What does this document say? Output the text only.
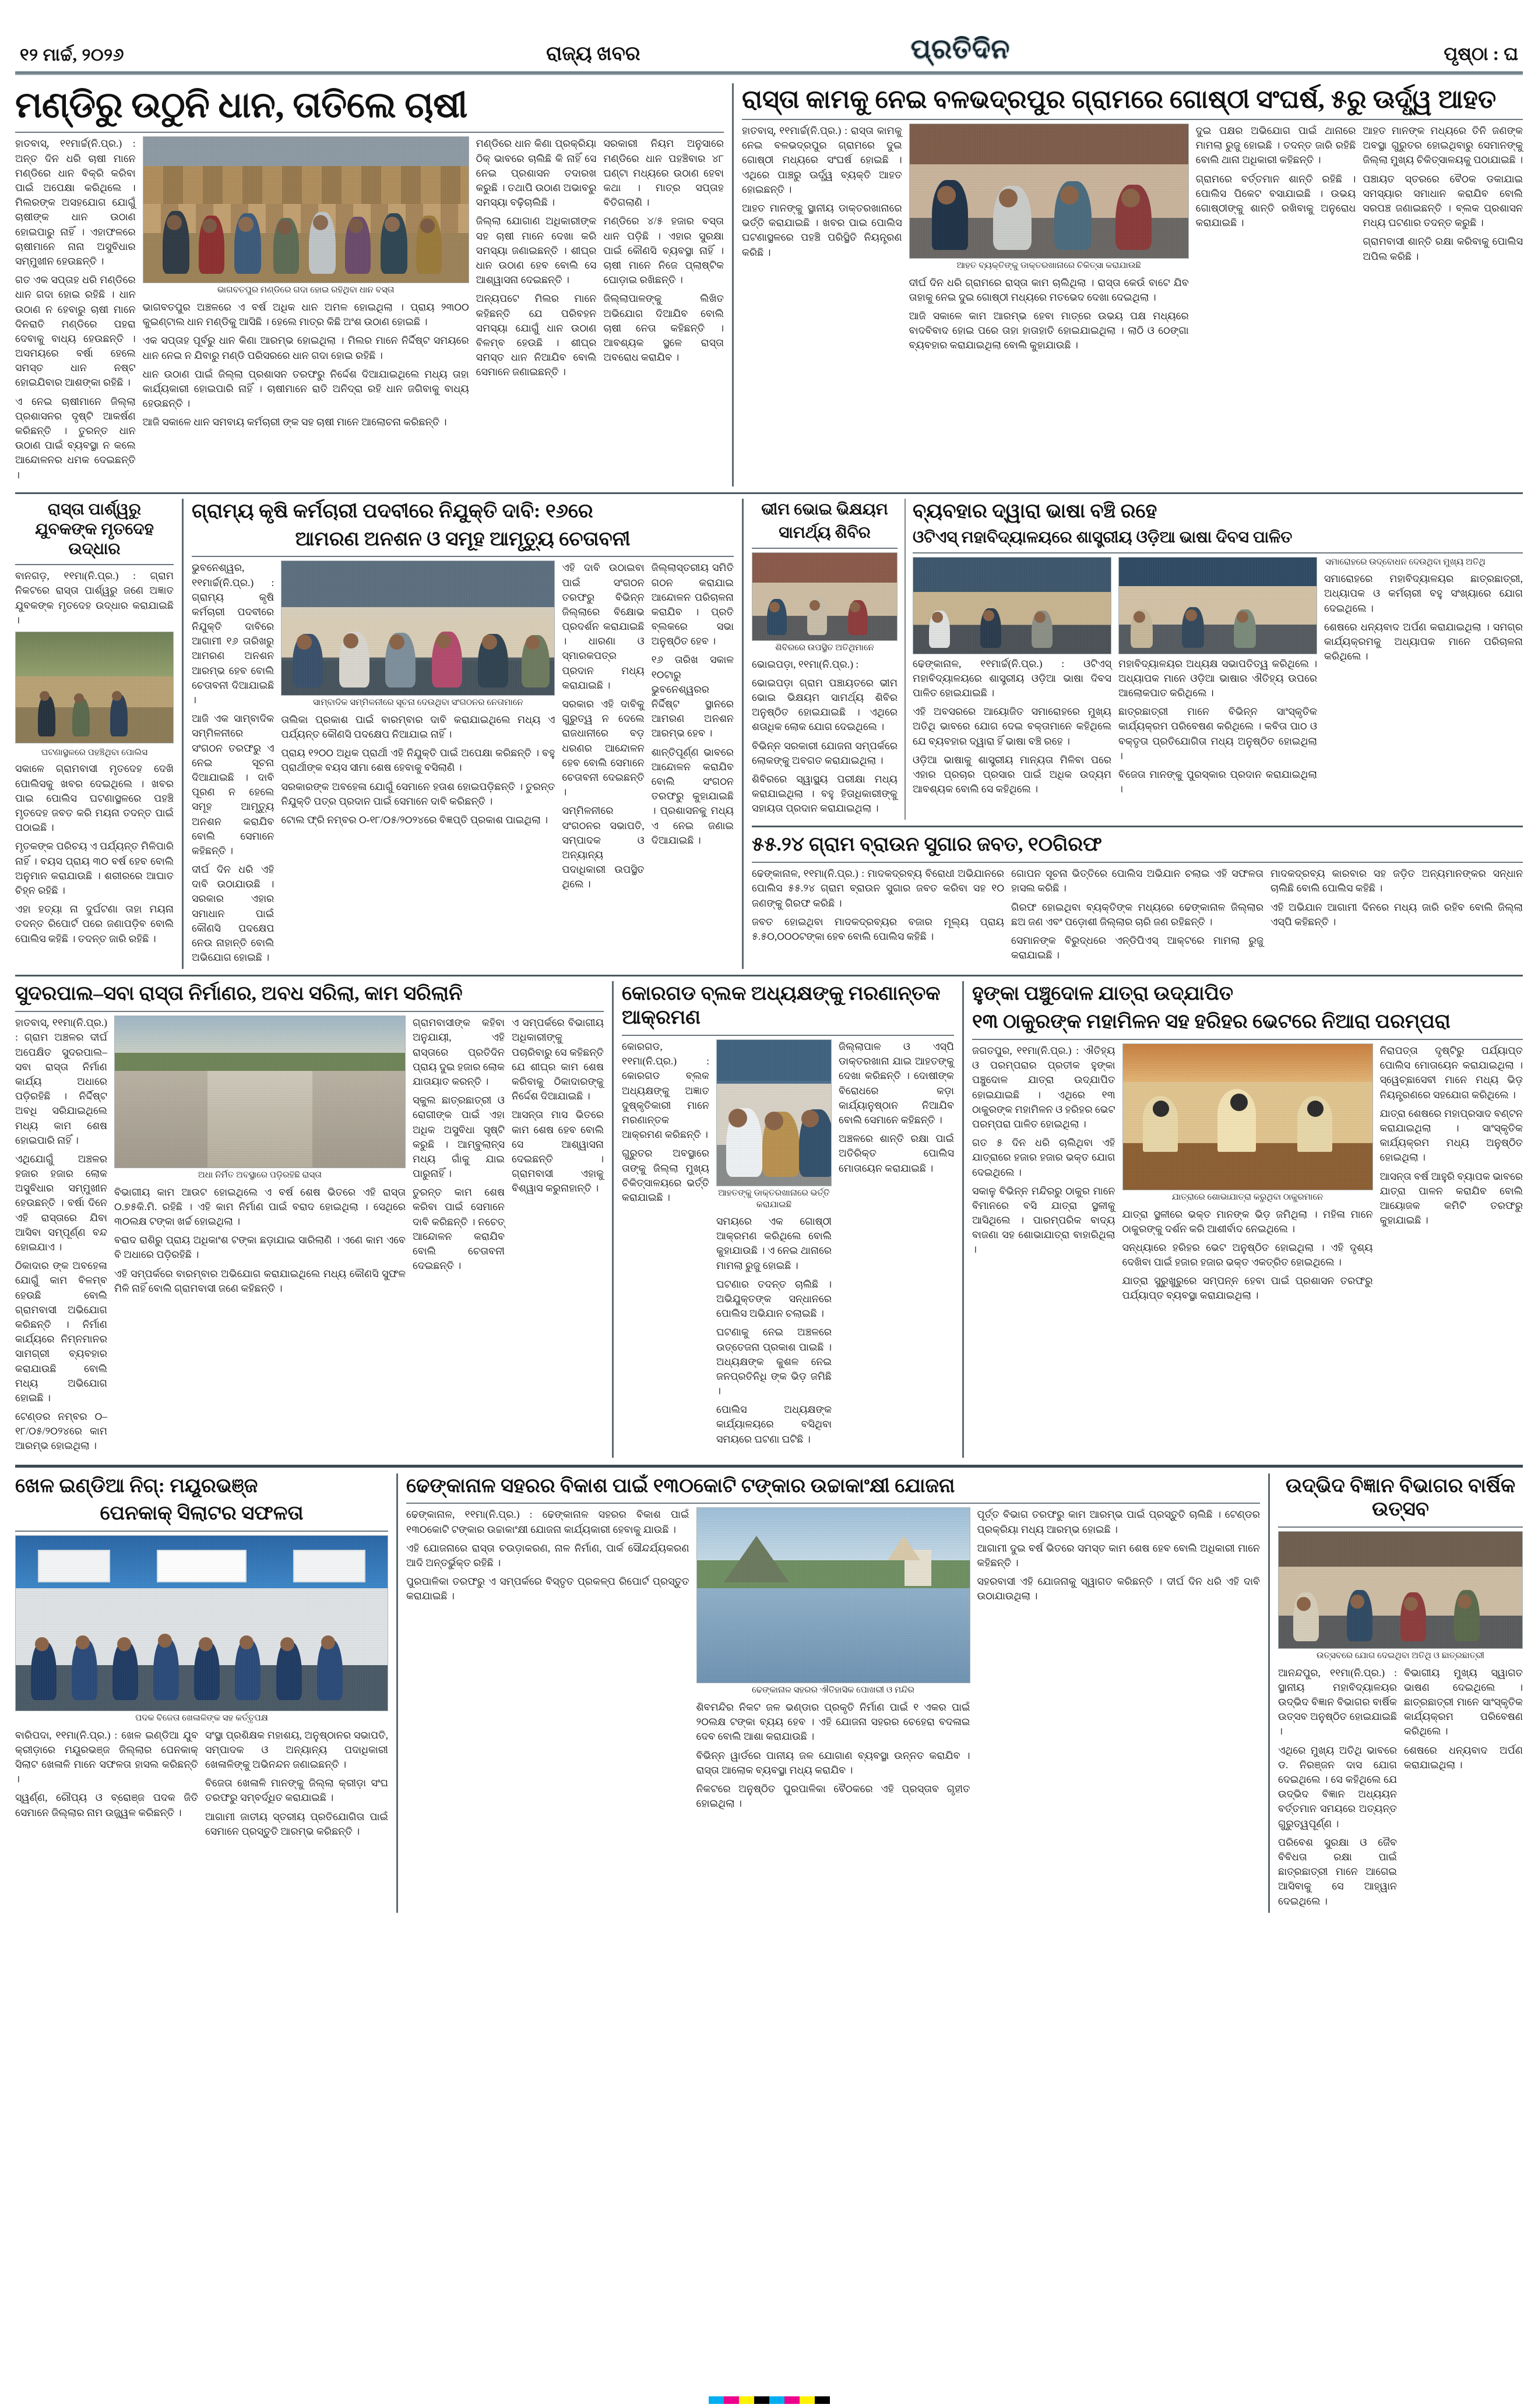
୧୨ ମାର୍ଚ୍ଚ, ୨୦୨୬	ରାଜ୍ୟ ଖବର	ପ୍ରତିଦିନ	ପୃଷ୍ଠା : ଘ
ମଣ୍ଡିରୁ ଉଠୁନି ଧାନ, ତାତିଲେ ଚାଷୀ

ହାତବାସ୍, ୧୧ମାର୍ଚ୍ଚ(ନି.ପ୍ର.) : ଅନ୍ତ ଦିନ ଧରି ଚାଷୀ ମାନେ ମଣ୍ଡିରେ ଧାନ ବିକ୍ରି କରିବା ପାଇଁ ଅପେକ୍ଷା କରିଥିଲେ । ମିଲରଙ୍କ ଅସହଯୋଗ ଯୋଗୁଁ ଚାଷୀଙ୍କ ଧାନ ଉଠାଣ ହୋଇପାରୁ ନାହିଁ । ଏହାଫଳରେ ଚାଷୀମାନେ ନାନା ଅସୁବିଧାର ସମ୍ମୁଖୀନ ହେଉଛନ୍ତି ।

ଗତ ଏକ ସପ୍ତାହ ଧରି ମଣ୍ଡିରେ ଧାନ ଗଦା ହୋଇ ରହିଛି । ଧାନ ଉଠାଣ ନ ହେବାରୁ ଚାଷୀ ମାନେ ଦିନରାତି ମଣ୍ଡିରେ ପହରା ଦେବାକୁ ବାଧ୍ୟ ହେଉଛନ୍ତି । ଅସମୟରେ ବର୍ଷା ହେଲେ ସମସ୍ତ ଧାନ ନଷ୍ଟ ହୋଇଯିବାର ଆଶଙ୍କା ରହିଛି ।

ଏ ନେଇ ଚାଷୀମାନେ ଜିଲ୍ଲା ପ୍ରଶାସନର ଦୃଷ୍ଟି ଆକର୍ଷଣ କରିଛନ୍ତି । ତୁରନ୍ତ ଧାନ ଉଠାଣ ପାଇଁ ବ୍ୟବସ୍ଥା ନ କଲେ ଆନ୍ଦୋଳନର ଧମକ ଦେଇଛନ୍ତି ।

ଭାଗବତପୁର ମଣ୍ଡିରେ ଗଦା ହୋଇ ରହିଥିବା ଧାନ ବସ୍ତା

ଭାଗବତପୁର ଅଞ୍ଚଳରେ ଏ ବର୍ଷ ଅଧିକ ଧାନ ଅମଳ ହୋଇଥିଲା । ପ୍ରାୟ ୨୩୦୦ କୁଇଣ୍ଟାଲ ଧାନ ମଣ୍ଡିକୁ ଆସିଛି । ହେଲେ ମାତ୍ର କିଛି ଅଂଶ ଉଠାଣ ହୋଇଛି ।

ଏକ ସପ୍ତାହ ପୂର୍ବରୁ ଧାନ କିଣା ଆରମ୍ଭ ହୋଇଥିଲା । ମିଲର ମାନେ ନିର୍ଦ୍ଦିଷ୍ଟ ସମୟରେ ଧାନ ନେଇ ନ ଯିବାରୁ ମଣ୍ଡି ପରିସରରେ ଧାନ ଗଦା ହୋଇ ରହିଛି ।

ଧାନ ଉଠାଣ ପାଇଁ ଜିଲ୍ଲା ପ୍ରଶାସନ ତରଫରୁ ନିର୍ଦ୍ଦେଶ ଦିଆଯାଇଥିଲେ ମଧ୍ୟ ତାହା କାର୍ଯ୍ୟକାରୀ ହୋଇପାରି ନାହିଁ । ଚାଷୀମାନେ ରାତି ଅନିଦ୍ରା ରହି ଧାନ ଜଗିବାକୁ ବାଧ୍ୟ ହେଉଛନ୍ତି ।

ଆଜି ସକାଳେ ଧାନ ସମବାୟ କର୍ମଚାରୀ ଙ୍କ ସହ ଚାଷୀ ମାନେ ଆଲୋଚନା କରିଛନ୍ତି ।

ମଣ୍ଡିରେ ଧାନ କିଣା ପ୍ରକ୍ରିୟା ଠିକ୍ ଭାବରେ ଚାଲିଛି କି ନାହିଁ ସେ ନେଇ ପ୍ରଶାସନ ତଦାରଖ କରୁଛି । ତଥାପି ଉଠାଣ ଅଭାବରୁ ସମସ୍ୟା ବଢ଼ିଚାଲିଛି ।

ଜିଲ୍ଲା ଯୋଗାଣ ଅଧିକାରୀଙ୍କ ସହ ଚାଷୀ ମାନେ ଦେଖା କରି ସମସ୍ୟା ଜଣାଇଛନ୍ତି । ଶୀଘ୍ର ଧାନ ଉଠାଣ ହେବ ବୋଲି ସେ ଆଶ୍ୱାସନା ଦେଇଛନ୍ତି ।

ଅନ୍ୟପଟେ ମିଲର ମାନେ କହିଛନ୍ତି ଯେ ପରିବହନ ସମସ୍ୟା ଯୋଗୁଁ ଧାନ ଉଠାଣ ବିଳମ୍ବ ହେଉଛି । ଶୀଘ୍ର ସମସ୍ତ ଧାନ ନିଆଯିବ ବୋଲି ସେମାନେ ଜଣାଇଛନ୍ତି ।

ସରକାରୀ ନିୟମ ଅନୁସାରେ ମଣ୍ଡିରେ ଧାନ ପହଞ୍ଚିବାର ୪୮ ଘଣ୍ଟା ମଧ୍ୟରେ ଉଠାଣ ହେବା କଥା । ମାତ୍ର ସପ୍ତାହ ବିତିଗଲାଣି ।

ମଣ୍ଡିରେ ୪/୫ ହଜାର ବସ୍ତା ଧାନ ପଡ଼ିଛି । ଏହାର ସୁରକ୍ଷା ପାଇଁ କୌଣସି ବ୍ୟବସ୍ଥା ନାହିଁ । ଚାଷୀ ମାନେ ନିଜେ ପ୍ଲାଷ୍ଟିକ ଘୋଡ଼ାଇ ରଖିଛନ୍ତି ।

ଜିଲ୍ଲାପାଳଙ୍କୁ ଲିଖିତ ଅଭିଯୋଗ ଦିଆଯିବ ବୋଲି ଚାଷୀ ନେତା କହିଛନ୍ତି । ଆବଶ୍ୟକ ସ୍ଥଳେ ରାସ୍ତା ଅବରୋଧ କରାଯିବ ।

ରାସ୍ତା କାମକୁ ନେଇ ବଳଭଦ୍ରପୁର ଗ୍ରାମରେ ଗୋଷ୍ଠୀ ସଂଘର୍ଷ, ୫ରୁ ଊର୍ଦ୍ଧ୍ୱ ଆହତ

ହାତବାସ୍, ୧୧ମାର୍ଚ୍ଚ(ନି.ପ୍ର.) : ରାସ୍ତା କାମକୁ ନେଇ ବଳଭଦ୍ରପୁର ଗ୍ରାମରେ ଦୁଇ ଗୋଷ୍ଠୀ ମଧ୍ୟରେ ସଂଘର୍ଷ ହୋଇଛି । ଏଥିରେ ପାଞ୍ଚରୁ ଊର୍ଦ୍ଧ୍ୱ ବ୍ୟକ୍ତି ଆହତ ହୋଇଛନ୍ତି ।

ଆହତ ମାନଙ୍କୁ ସ୍ଥାନୀୟ ଡାକ୍ତରଖାନାରେ ଭର୍ତ୍ତି କରାଯାଇଛି । ଖବର ପାଇ ପୋଲିସ ଘଟଣାସ୍ଥଳରେ ପହଞ୍ଚି ପରିସ୍ଥିତି ନିୟନ୍ତ୍ରଣ କରିଛି ।

ଆହତ ବ୍ୟକ୍ତିଙ୍କୁ ଡାକ୍ତରଖାନାରେ ଚିକିତ୍ସା କରାଯାଉଛି

ଦୀର୍ଘ ଦିନ ଧରି ଗ୍ରାମରେ ରାସ୍ତା କାମ ଚାଲିଥିଲା । ରାସ୍ତା କେଉଁ ବାଟେ ଯିବ ତାହାକୁ ନେଇ ଦୁଇ ଗୋଷ୍ଠୀ ମଧ୍ୟରେ ମତଭେଦ ଦେଖା ଦେଇଥିଲା ।

ଆଜି ସକାଳେ କାମ ଆରମ୍ଭ ହେବା ମାତ୍ରେ ଉଭୟ ପକ୍ଷ ମଧ୍ୟରେ ବାଦବିବାଦ ହୋଇ ପରେ ତାହା ହାତାହାତି ହୋଇଯାଇଥିଲା । ଲାଠି ଓ ଠେଙ୍ଗା ବ୍ୟବହାର କରାଯାଇଥିଲା ବୋଲି କୁହାଯାଉଛି ।

ଦୁଇ ପକ୍ଷର ଅଭିଯୋଗ ପାଇଁ ଥାନାରେ ମାମଲା ରୁଜୁ ହୋଇଛି । ତଦନ୍ତ ଜାରି ରହିଛି ବୋଲି ଥାନା ଅଧିକାରୀ କହିଛନ୍ତି ।

ଗ୍ରାମରେ ବର୍ତ୍ତମାନ ଶାନ୍ତି ରହିଛି । ପୋଲିସ ପିକେଟ ବସାଯାଇଛି । ଉଭୟ ଗୋଷ୍ଠୀଙ୍କୁ ଶାନ୍ତି ରଖିବାକୁ ଅନୁରୋଧ କରାଯାଇଛି ।

ଆହତ ମାନଙ୍କ ମଧ୍ୟରେ ତିନି ଜଣଙ୍କ ଅବସ୍ଥା ଗୁରୁତର ହୋଇଥିବାରୁ ସେମାନଙ୍କୁ ଜିଲ୍ଲା ମୁଖ୍ୟ ଚିକିତ୍ସାଳୟକୁ ପଠାଯାଇଛି ।

ପଞ୍ଚାୟତ ସ୍ତରରେ ବୈଠକ ଡକାଯାଇ ସମସ୍ୟାର ସମାଧାନ କରାଯିବ ବୋଲି ସରପଞ୍ଚ ଜଣାଇଛନ୍ତି । ବ୍ଲକ ପ୍ରଶାସନ ମଧ୍ୟ ଘଟଣାର ତଦନ୍ତ କରୁଛି ।

ଗ୍ରାମବାସୀ ଶାନ୍ତି ରକ୍ଷା କରିବାକୁ ପୋଲିସ ଅପିଲ କରିଛି ।

ରାସ୍ତା ପାର୍ଶ୍ୱରୁ ଯୁବକଙ୍କ ମୃତଦେହ ଉଦ୍ଧାର

ବାନଗଡ଼, ୧୧ମା(ନି.ପ୍ର.) : ଗ୍ରାମ ନିକଟରେ ରାସ୍ତା ପାର୍ଶ୍ୱରୁ ଜଣେ ଅଜ୍ଞାତ ଯୁବକଙ୍କ ମୃତଦେହ ଉଦ୍ଧାର କରାଯାଇଛି ।

ଘଟଣାସ୍ଥଳରେ ପହଞ୍ଚିଥିବା ପୋଲିସ

ସକାଳେ ଗ୍ରାମବାସୀ ମୃତଦେହ ଦେଖି ପୋଲିସକୁ ଖବର ଦେଇଥିଲେ । ଖବର ପାଇ ପୋଲିସ ଘଟଣାସ୍ଥଳରେ ପହଞ୍ଚି ମୃତଦେହ ଜବତ କରି ମୟନା ତଦନ୍ତ ପାଇଁ ପଠାଇଛି ।

ମୃତକଙ୍କ ପରିଚୟ ଏ ପର୍ଯ୍ୟନ୍ତ ମିଳିପାରି ନାହିଁ । ବୟସ ପ୍ରାୟ ୩୦ ବର୍ଷ ହେବ ବୋଲି ଅନୁମାନ କରାଯାଉଛି । ଶରୀରରେ ଆଘାତ ଚିହ୍ନ ରହିଛି ।

ଏହା ହତ୍ୟା ନା ଦୁର୍ଘଟଣା ତାହା ମୟନା ତଦନ୍ତ ରିପୋର୍ଟ ପରେ ଜଣାପଡ଼ିବ ବୋଲି ପୋଲିସ କହିଛି । ତଦନ୍ତ ଜାରି ରହିଛି ।

ଗ୍ରାମ୍ୟ କୃଷି କର୍ମଚାରୀ ପଦବୀରେ ନିଯୁକ୍ତି ଦାବି: ୧୬ରେ
ଆମରଣ ଅନଶନ ଓ ସମୂହ ଆମୃତ୍ୟୁ ଚେତାବନୀ

ଭୁବନେଶ୍ୱର, ୧୧ମାର୍ଚ୍ଚ(ନି.ପ୍ର.) : ଗ୍ରାମ୍ୟ କୃଷି କର୍ମଚାରୀ ପଦବୀରେ ନିଯୁକ୍ତି ଦାବିରେ ଆଗାମୀ ୧୬ ତାରିଖରୁ ଆମରଣ ଅନଶନ ଆରମ୍ଭ ହେବ ବୋଲି ଚେତାବନୀ ଦିଆଯାଇଛି ।

ଆଜି ଏକ ସାମ୍ବାଦିକ ସମ୍ମିଳନୀରେ ସଂଗଠନ ତରଫରୁ ଏ ନେଇ ସୂଚନା ଦିଆଯାଇଛି । ଦାବି ପୂରଣ ନ ହେଲେ ସମୂହ ଆମୃତ୍ୟୁ ଅନଶନ କରାଯିବ ବୋଲି ସେମାନେ କହିଛନ୍ତି ।

ଦୀର୍ଘ ଦିନ ଧରି ଏହି ଦାବି ଉଠାଯାଉଛି । ସରକାର ଏହାର ସମାଧାନ ପାଇଁ କୌଣସି ପଦକ୍ଷେପ ନେଉ ନାହାନ୍ତି ବୋଲି ଅଭିଯୋଗ ହୋଇଛି ।

ସାମ୍ବାଦିକ ସମ୍ମିଳନୀରେ ସୂଚନା ଦେଉଥିବା ସଂଗଠନର ନେତାମାନେ

ତାଲିକା ପ୍ରକାଶ ପାଇଁ ବାରମ୍ବାର ଦାବି କରାଯାଇଥିଲେ ମଧ୍ୟ ଏ ପର୍ଯ୍ୟନ୍ତ କୌଣସି ପଦକ୍ଷେପ ନିଆଯାଇ ନାହିଁ ।

ପ୍ରାୟ ୧୨୦୦ ଅଧିକ ପ୍ରାର୍ଥୀ ଏହି ନିଯୁକ୍ତି ପାଇଁ ଅପେକ୍ଷା କରିଛନ୍ତି । ବହୁ ପ୍ରାର୍ଥୀଙ୍କ ବୟସ ସୀମା ଶେଷ ହେବାକୁ ବସିଲାଣି ।

ସରକାରଙ୍କ ଅବହେଳା ଯୋଗୁଁ ସେମାନେ ହତାଶ ହୋଇପଡ଼ିଛନ୍ତି । ତୁରନ୍ତ ନିଯୁକ୍ତି ପତ୍ର ପ୍ରଦାନ ପାଇଁ ସେମାନେ ଦାବି କରିଛନ୍ତି ।

ଟୋଲ ଫ୍ରି ନମ୍ବର ୦-୧୮/୦୫/୨୦୨୪ରେ ବିଜ୍ଞପ୍ତି ପ୍ରକାଶ ପାଇଥିଲା ।

ଏହି ଦାବି ଉଠାଇବା ପାଇଁ ସଂଗଠନ ତରଫରୁ ବିଭିନ୍ନ ଜିଲ୍ଲାରେ ବିକ୍ଷୋଭ ପ୍ରଦର୍ଶନ କରାଯାଇଛି । ଧାରଣା ଓ ସ୍ମାରକପତ୍ର ପ୍ରଦାନ ମଧ୍ୟ କରାଯାଇଛି ।

ସରକାର ଏହି ଦାବିକୁ ଗୁରୁତ୍ୱ ନ ଦେଲେ ରାଜଧାନୀରେ ବଡ଼ ଧରଣର ଆନ୍ଦୋଳନ ହେବ ବୋଲି ସେମାନେ ଚେତାବନୀ ଦେଇଛନ୍ତି ।

ସମ୍ମିଳନୀରେ ସଂଗଠନର ସଭାପତି, ସମ୍ପାଦକ ଓ ଅନ୍ୟାନ୍ୟ ପଦାଧିକାରୀ ଉପସ୍ଥିତ ଥିଲେ ।

ଜିଲ୍ଲାସ୍ତରୀୟ ସମିତି ଗଠନ କରାଯାଇ ଆନ୍ଦୋଳନ ପରିଚାଳନା କରାଯିବ । ପ୍ରତି ବ୍ଲକରେ ସଭା ଅନୁଷ୍ଠିତ ହେବ ।

୧୬ ତାରିଖ ସକାଳ ୧୦ଟାରୁ ଭୁବନେଶ୍ୱରର ନିର୍ଦ୍ଦିଷ୍ଟ ସ୍ଥାନରେ ଆମରଣ ଅନଶନ ଆରମ୍ଭ ହେବ ।

ଶାନ୍ତିପୂର୍ଣ୍ଣ ଭାବରେ ଆନ୍ଦୋଳନ କରାଯିବ ବୋଲି ସଂଗଠନ ତରଫରୁ କୁହାଯାଇଛି । ପ୍ରଶାସନକୁ ମଧ୍ୟ ଏ ନେଇ ଜଣାଇ ଦିଆଯାଇଛି ।

ଭୀମ ଭୋଇ ଭିକ୍ଷୟମ
ସାମର୍ଥ୍ୟ ଶିବିର
ଶିବିରରେ ଉପସ୍ଥିତ ଅତିଥିମାନେ

ଭୋଇପଡ଼ା, ୧୧ମା(ନି.ପ୍ର.) :

ଭୋଇପଡ଼ା ଗ୍ରାମ ପଞ୍ଚାୟତରେ ଭୀମ ଭୋଇ ଭିକ୍ଷୟମ ସାମର୍ଥ୍ୟ ଶିବିର ଅନୁଷ୍ଠିତ ହୋଇଯାଇଛି । ଏଥିରେ ଶତାଧିକ ଲୋକ ଯୋଗ ଦେଇଥିଲେ ।

ବିଭିନ୍ନ ସରକାରୀ ଯୋଜନା ସମ୍ପର୍କରେ ଲୋକଙ୍କୁ ଅବଗତ କରାଯାଇଥିଲା ।

ଶିବିରରେ ସ୍ୱାସ୍ଥ୍ୟ ପରୀକ୍ଷା ମଧ୍ୟ କରାଯାଇଥିଲା । ବହୁ ହିତାଧିକାରୀଙ୍କୁ ସହାୟତା ପ୍ରଦାନ କରାଯାଇଥିଲା ।

ବ୍ୟବହାର ଦ୍ୱାରା ଭାଷା ବଞ୍ଚି ରହେ
ଓଟିଏସ୍ ମହାବିଦ୍ୟାଳୟରେ ଶାସ୍ତ୍ରୀୟ ଓଡ଼ିଆ ଭାଷା ଦିବସ ପାଳିତ

ଢେଙ୍କାନାଳ, ୧୧ମାର୍ଚ୍ଚ(ନି.ପ୍ର.) : ଓଟିଏସ୍ ମହାବିଦ୍ୟାଳୟରେ ଶାସ୍ତ୍ରୀୟ ଓଡ଼ିଆ ଭାଷା ଦିବସ ପାଳିତ ହୋଇଯାଇଛି ।

ଏହି ଅବସରରେ ଆୟୋଜିତ ସମାରୋହରେ ମୁଖ୍ୟ ଅତିଥି ଭାବରେ ଯୋଗ ଦେଇ ବକ୍ତାମାନେ କହିଥିଲେ ଯେ ବ୍ୟବହାର ଦ୍ୱାରା ହିଁ ଭାଷା ବଞ୍ଚି ରହେ ।

ଓଡ଼ିଆ ଭାଷାକୁ ଶାସ୍ତ୍ରୀୟ ମାନ୍ୟତା ମିଳିବା ପରେ ଏହାର ପ୍ରଚାର ପ୍ରସାର ପାଇଁ ଅଧିକ ଉଦ୍ୟମ ଆବଶ୍ୟକ ବୋଲି ସେ କହିଥିଲେ ।

ମହାବିଦ୍ୟାଳୟର ଅଧ୍ୟକ୍ଷ ସଭାପତିତ୍ୱ କରିଥିଲେ । ଅଧ୍ୟାପକ ମାନେ ଓଡ଼ିଆ ଭାଷାର ଐତିହ୍ୟ ଉପରେ ଆଲୋକପାତ କରିଥିଲେ ।

ଛାତ୍ରଛାତ୍ରୀ ମାନେ ବିଭିନ୍ନ ସାଂସ୍କୃତିକ କାର୍ଯ୍ୟକ୍ରମ ପରିବେଷଣ କରିଥିଲେ । କବିତା ପାଠ ଓ ବକ୍ତୃତା ପ୍ରତିଯୋଗିତା ମଧ୍ୟ ଅନୁଷ୍ଠିତ ହୋଇଥିଲା ।

ବିଜେତା ମାନଙ୍କୁ ପୁରସ୍କାର ପ୍ରଦାନ କରାଯାଇଥିଲା ।

ସମାରୋହରେ ଉଦ୍‌ବୋଧନ ଦେଉଥିବା ମୁଖ୍ୟ ଅତିଥି

ସମାରୋହରେ ମହାବିଦ୍ୟାଳୟର ଛାତ୍ରଛାତ୍ରୀ, ଅଧ୍ୟାପକ ଓ କର୍ମଚାରୀ ବହୁ ସଂଖ୍ୟାରେ ଯୋଗ ଦେଇଥିଲେ ।

ଶେଷରେ ଧନ୍ୟବାଦ ଅର୍ପଣ କରାଯାଇଥିଲା । ସମଗ୍ର କାର୍ଯ୍ୟକ୍ରମକୁ ଅଧ୍ୟାପକ ମାନେ ପରିଚାଳନା କରିଥିଲେ ।

୫୫.୨୪ ଗ୍ରାମ ବ୍ରାଉନ ସୁଗାର ଜବତ, ୧୦ଗିରଫ

ଢେଙ୍କାନାଳ, ୧୧ମା(ନି.ପ୍ର.) : ମାଦକଦ୍ରବ୍ୟ ବିରୋଧୀ ଅଭିଯାନରେ ପୋଲିସ ୫୫.୨୪ ଗ୍ରାମ ବ୍ରାଉନ ସୁଗାର ଜବତ କରିବା ସହ ୧୦ ଜଣଙ୍କୁ ଗିରଫ କରିଛି ।

ଜବତ ହୋଇଥିବା ମାଦକଦ୍ରବ୍ୟର ବଜାର ମୂଲ୍ୟ ପ୍ରାୟ ୫.୫୦,୦୦୦ଟଙ୍କା ହେବ ବୋଲି ପୋଲିସ କହିଛି ।

ଗୋପନ ସୂଚନା ଭିତ୍ତିରେ ପୋଲିସ ଅଭିଯାନ ଚଲାଇ ଏହି ସଫଳତା ହାସଲ କରିଛି ।

ଗିରଫ ହୋଇଥିବା ବ୍ୟକ୍ତିଙ୍କ ମଧ୍ୟରେ ଢେଙ୍କାନାଳ ଜିଲ୍ଲାର ଛଅ ଜଣ ଏବଂ ପଡ଼ୋଶୀ ଜିଲ୍ଲାର ଚାରି ଜଣ ରହିଛନ୍ତି ।

ସେମାନଙ୍କ ବିରୁଦ୍ଧରେ ଏନ୍‌ଡିପିଏସ୍ ଆକ୍ଟରେ ମାମଲା ରୁଜୁ କରାଯାଇଛି ।

ମାଦକଦ୍ରବ୍ୟ କାରବାର ସହ ଜଡ଼ିତ ଅନ୍ୟମାନଙ୍କର ସନ୍ଧାନ ଚାଲିଛି ବୋଲି ପୋଲିସ କହିଛି ।

ଏହି ଅଭିଯାନ ଆଗାମୀ ଦିନରେ ମଧ୍ୟ ଜାରି ରହିବ ବୋଲି ଜିଲ୍ଲା ଏସ୍‌ପି କହିଛନ୍ତି ।

ସୁଦରପାଲ–ସବା ରାସ୍ତା ନିର୍ମାଣର, ଅବଧ ସରିଲା, କାମ ସରିଲାନି

ହାତବାସ୍, ୧୧ମା(ନି.ପ୍ର.) : ଗ୍ରାମ ଅଞ୍ଚଳର ଦୀର୍ଘ ଅପେକ୍ଷିତ ସୁଦରପାଲ–ସବା ରାସ୍ତା ନିର୍ମାଣ କାର୍ଯ୍ୟ ଅଧାରେ ପଡ଼ିରହିଛି । ନିର୍ଦ୍ଦିଷ୍ଟ ଅବଧି ସରିଯାଇଥିଲେ ମଧ୍ୟ କାମ ଶେଷ ହୋଇପାରି ନାହିଁ ।

ଏଥିଯୋଗୁଁ ଅଞ୍ଚଳର ହଜାର ହଜାର ଲୋକ ଅସୁବିଧାର ସମ୍ମୁଖୀନ ହେଉଛନ୍ତି । ବର୍ଷା ଦିନେ ଏହି ରାସ୍ତାରେ ଯିବା ଆସିବା ସମ୍ପୂର୍ଣ୍ଣ ବନ୍ଦ ହୋଇଯାଏ ।

ଠିକାଦାର ଙ୍କ ଅବହେଳା ଯୋଗୁଁ କାମ ବିଳମ୍ବ ହେଉଛି ବୋଲି ଗ୍ରାମବାସୀ ଅଭିଯୋଗ କରିଛନ୍ତି । ନିର୍ମାଣ କାର୍ଯ୍ୟରେ ନିମ୍ନମାନର ସାମଗ୍ରୀ ବ୍ୟବହାର କରାଯାଉଛି ବୋଲି ମଧ୍ୟ ଅଭିଯୋଗ ହୋଇଛି ।

ଟେଣ୍ଡର ନମ୍ବର ୦–୧୮/୦୫/୨୦୨୪ରେ କାମ ଆରମ୍ଭ ହୋଇଥିଲା ।

ଅଧା ନିର୍ମିତ ଅବସ୍ଥାରେ ପଡ଼ିରହିଛି ରାସ୍ତା

ବିଭାଗୀୟ କାମ ଆଉଟ ହୋଇଥିଲେ ଏ ବର୍ଷ ଶେଷ ଭିତରେ ଏହି ରାସ୍ତା ୦.୭୫କି.ମି. ରହିଛି । ଏହି କାମ ନିର୍ମାଣ ପାଇଁ ବରାଦ ହୋଇଥିଲା । ସେଥିରେ ୩୦ଲକ୍ଷ ଟଙ୍କା ଖର୍ଚ୍ଚ ହୋଇଥିଲା ।

ବରାଦ ରାଶିରୁ ପ୍ରାୟ ଅଧିକାଂଶ ଟଙ୍କା ଛଡ଼ାଯାଇ ସାରିଲାଣି । ଏଣେ କାମ ଏବେ ବି ଅଧାରେ ପଡ଼ିରହିଛି ।

ଏହି ସମ୍ପର୍କରେ ବାରମ୍ବାର ଅଭିଯୋଗ କରାଯାଇଥିଲେ ମଧ୍ୟ କୌଣସି ସୁଫଳ ମିଳି ନାହିଁ ବୋଲି ଗ୍ରାମବାସୀ ଜଣେ କହିଛନ୍ତି ।

ଗ୍ରାମବାସୀଙ୍କ କହିବା ଅନୁଯାୟୀ, ଏହି ରାସ୍ତାରେ ପ୍ରତିଦିନ ପ୍ରାୟ ଦୁଇ ହଜାର ଲୋକ ଯାତାୟାତ କରନ୍ତି ।

ସ୍କୁଲ ଛାତ୍ରଛାତ୍ରୀ ଓ ରୋଗୀଙ୍କ ପାଇଁ ଏହା ଅଧିକ ଅସୁବିଧା ସୃଷ୍ଟି କରୁଛି । ଆମ୍ବୁଲାନ୍ସ ମଧ୍ୟ ଗାଁକୁ ଯାଇ ପାରୁନାହିଁ ।

ତୁରନ୍ତ କାମ ଶେଷ କରିବା ପାଇଁ ସେମାନେ ଦାବି କରିଛନ୍ତି । ନଚେତ୍ ଆନ୍ଦୋଳନ କରାଯିବ ବୋଲି ଚେତାବନୀ ଦେଇଛନ୍ତି ।

ଏ ସମ୍ପର୍କରେ ବିଭାଗୀୟ ଅଧିକାରୀଙ୍କୁ ପଚାରିବାରୁ ସେ କହିଛନ୍ତି ଯେ ଶୀଘ୍ର କାମ ଶେଷ କରିବାକୁ ଠିକାଦାରଙ୍କୁ ନିର୍ଦ୍ଦେଶ ଦିଆଯାଇଛି ।

ଆସନ୍ତା ମାସ ଭିତରେ କାମ ଶେଷ ହେବ ବୋଲି ସେ ଆଶ୍ୱାସନା ଦେଇଛନ୍ତି । ଗ୍ରାମବାସୀ ଏହାକୁ ବିଶ୍ୱାସ କରୁନାହାନ୍ତି ।

କୋରଗଡ ବ୍ଲକ ଅଧ୍ୟକ୍ଷଙ୍କୁ ମରଣାନ୍ତକ ଆକ୍ରମଣ

କୋରଗଡ, ୧୧ମା(ନି.ପ୍ର.) : କୋରଗଡ ବ୍ଲକ ଅଧ୍ୟକ୍ଷଙ୍କୁ ଅଜ୍ଞାତ ଦୁଷ୍କୃତିକାରୀ ମାନେ ମରଣାନ୍ତକ ଆକ୍ରମଣ କରିଛନ୍ତି ।

ଗୁରୁତର ଅବସ୍ଥାରେ ତାଙ୍କୁ ଜିଲ୍ଲା ମୁଖ୍ୟ ଚିକିତ୍ସାଳୟରେ ଭର୍ତ୍ତି କରାଯାଇଛି ।	ଆହତଙ୍କୁ ଡାକ୍ତରଖାନାରେ ଭର୍ତ୍ତି କରାଯାଇଛି

ସମୟରେ ଏକ ଗୋଷ୍ଠୀ ଆକ୍ରମଣ କରିଥିଲେ ବୋଲି କୁହାଯାଉଛି । ଏ ନେଇ ଥାନାରେ ମାମଲା ରୁଜୁ ହୋଇଛି ।

ଘଟଣାର ତଦନ୍ତ ଚାଲିଛି । ଅଭିଯୁକ୍ତଙ୍କ ସନ୍ଧାନରେ ପୋଲିସ ଅଭିଯାନ ଚଲାଇଛି ।

ଘଟଣାକୁ ନେଇ ଅଞ୍ଚଳରେ ଉତ୍ତେଜନା ପ୍ରକାଶ ପାଇଛି । ଅଧ୍ୟକ୍ଷଙ୍କ କୁଶଳ ନେଇ ଜନପ୍ରତିନିଧି ଙ୍କ ଭିଡ଼ ଜମିଛି ।

ପୋଲିସ ଅଧ୍ୟକ୍ଷଙ୍କ କାର୍ଯ୍ୟାଳୟରେ ବସିଥିବା ସମୟରେ ଘଟଣା ଘଟିଛି ।

ଜିଲ୍ଲାପାଳ ଓ ଏସ୍‌ପି ଡାକ୍ତରଖାନା ଯାଇ ଆହତଙ୍କୁ ଦେଖା କରିଛନ୍ତି । ଦୋଷୀଙ୍କ ବିରୋଧରେ କଡ଼ା କାର୍ଯ୍ୟାନୁଷ୍ଠାନ ନିଆଯିବ ବୋଲି ସେମାନେ କହିଛନ୍ତି ।

ଅଞ୍ଚଳରେ ଶାନ୍ତି ରକ୍ଷା ପାଇଁ ଅତିରିକ୍ତ ପୋଲିସ ମୋତାୟେନ କରାଯାଇଛି ।

ହୁଙ୍କା ପଞ୍ଚୁଦୋଳ ଯାତ୍ରା ଉଦ୍‌ଯାପିତ
୧୩ ଠାକୁରଙ୍କ ମହାମିଳନ ସହ ହରିହର ଭେଟରେ ନିଆରା ପରମ୍ପରା

ଜଗତପୁର, ୧୧ମା(ନି.ପ୍ର.) : ଐତିହ୍ୟ ଓ ପରମ୍ପରାର ପ୍ରତୀକ ହୁଙ୍କା ପଞ୍ଚୁଦୋଳ ଯାତ୍ରା ଉଦ୍‌ଯାପିତ ହୋଇଯାଇଛି । ଏଥିରେ ୧୩ ଠାକୁରଙ୍କ ମହାମିଳନ ଓ ହରିହର ଭେଟ ପରମ୍ପରା ପାଳିତ ହୋଇଥିଲା ।

ଗତ ୫ ଦିନ ଧରି ଚାଲିଥିବା ଏହି ଯାତ୍ରାରେ ହଜାର ହଜାର ଭକ୍ତ ଯୋଗ ଦେଇଥିଲେ ।

ସକାଳୁ ବିଭିନ୍ନ ମନ୍ଦିରରୁ ଠାକୁର ମାନେ ବିମାନରେ ବସି ଯାତ୍ରା ସ୍ଥଳୀକୁ ଆସିଥିଲେ । ପାରମ୍ପରିକ ବାଦ୍ୟ ବାଜଣା ସହ ଶୋଭାଯାତ୍ରା ବାହାରିଥିଲା ।

ଯାତ୍ରାରେ ଶୋଭାଯାତ୍ରା କରୁଥିବା ଠାକୁରମାନେ

ଯାତ୍ରା ସ୍ଥଳୀରେ ଭକ୍ତ ମାନଙ୍କ ଭିଡ଼ ଜମିଥିଲା । ମହିଳା ମାନେ ଠାକୁରଙ୍କୁ ଦର୍ଶନ କରି ଆଶୀର୍ବାଦ ନେଇଥିଲେ ।

ସନ୍ଧ୍ୟାରେ ହରିହର ଭେଟ ଅନୁଷ୍ଠିତ ହୋଇଥିଲା । ଏହି ଦୃଶ୍ୟ ଦେଖିବା ପାଇଁ ହଜାର ହଜାର ଭକ୍ତ ଏକତ୍ରିତ ହୋଇଥିଲେ ।

ଯାତ୍ରା ସୁରୁଖୁରୁରେ ସମ୍ପନ୍ନ ହେବା ପାଇଁ ପ୍ରଶାସନ ତରଫରୁ ପର୍ଯ୍ୟାପ୍ତ ବ୍ୟବସ୍ଥା କରାଯାଇଥିଲା ।

ନିରାପତ୍ତା ଦୃଷ୍ଟିରୁ ପର୍ଯ୍ୟାପ୍ତ ପୋଲିସ ମୋତାୟେନ କରାଯାଇଥିଲା । ସ୍ୱେଚ୍ଛାସେବୀ ମାନେ ମଧ୍ୟ ଭିଡ଼ ନିୟନ୍ତ୍ରଣରେ ସହଯୋଗ କରିଥିଲେ ।

ଯାତ୍ରା ଶେଷରେ ମହାପ୍ରସାଦ ବଣ୍ଟନ କରାଯାଇଥିଲା । ସାଂସ୍କୃତିକ କାର୍ଯ୍ୟକ୍ରମ ମଧ୍ୟ ଅନୁଷ୍ଠିତ ହୋଇଥିଲା ।

ଆସନ୍ତା ବର୍ଷ ଆହୁରି ବ୍ୟାପକ ଭାବରେ ଯାତ୍ରା ପାଳନ କରାଯିବ ବୋଲି ଆୟୋଜକ କମିଟି ତରଫରୁ କୁହାଯାଇଛି ।

ଖେଳ ଇଣ୍ଡିଆ ନିଗ୍: ମୟୂରଭଞ୍ଜ
ପେନକାକ୍ ସିଲାଟର ସଫଳତା
ପଦକ ବିଜେତା ଖେଳାଳିଙ୍କ ସହ କର୍ତ୍ତୃପକ୍ଷ

ବାରିପଦା, ୧୧ମା(ନି.ପ୍ର.) : ଖେଳ ଇଣ୍ଡିଆ ଯୁବ କ୍ରୀଡ଼ାରେ ମୟୂରଭଞ୍ଜ ଜିଲ୍ଲାର ପେନକାକ୍ ସିଲାଟ ଖେଳାଳି ମାନେ ସଫଳତା ହାସଲ କରିଛନ୍ତି ।

ସ୍ୱର୍ଣ୍ଣ, ରୌପ୍ୟ ଓ ବ୍ରୋଞ୍ଜ ପଦକ ଜିତି ସେମାନେ ଜିଲ୍ଲାର ନାମ ଉଜ୍ଜ୍ୱଳ କରିଛନ୍ତି ।

ସଂସ୍ଥା ପ୍ରଶିକ୍ଷକ ମହାଶୟ, ଅନୁଷ୍ଠାନର ସଭାପତି, ସମ୍ପାଦକ ଓ ଅନ୍ୟାନ୍ୟ ପଦାଧିକାରୀ ଖେଳାଳିଙ୍କୁ ଅଭିନନ୍ଦନ ଜଣାଇଛନ୍ତି ।

ବିଜେତା ଖେଳାଳି ମାନଙ୍କୁ ଜିଲ୍ଲା କ୍ରୀଡ଼ା ସଂଘ ତରଫରୁ ସମ୍ବର୍ଦ୍ଧିତ କରାଯାଇଛି ।

ଆଗାମୀ ଜାତୀୟ ସ୍ତରୀୟ ପ୍ରତିଯୋଗିତା ପାଇଁ ସେମାନେ ପ୍ରସ୍ତୁତି ଆରମ୍ଭ କରିଛନ୍ତି ।

ଢେଙ୍କାନାଳ ସହରର ବିକାଶ ପାଇଁ ୧୩୦କୋଟି ଟଙ୍କାର ଉଚ୍ଚାକାଂକ୍ଷୀ ଯୋଜନା

ଢେଙ୍କାନାଳ, ୧୧ମା(ନି.ପ୍ର.) : ଢେଙ୍କାନାଳ ସହରର ବିକାଶ ପାଇଁ ୧୩୦କୋଟି ଟଙ୍କାର ଉଚ୍ଚାକାଂକ୍ଷୀ ଯୋଜନା କାର୍ଯ୍ୟକାରୀ ହେବାକୁ ଯାଉଛି ।

ଏହି ଯୋଜନାରେ ରାସ୍ତା ଚଉଡ଼ାକରଣ, ନାଳ ନିର୍ମାଣ, ପାର୍କ ସୌନ୍ଦର୍ଯ୍ୟକରଣ ଆଦି ଅନ୍ତର୍ଭୁକ୍ତ ରହିଛି ।

ପୁରପାଳିକା ତରଫରୁ ଏ ସମ୍ପର୍କରେ ବିସ୍ତୃତ ପ୍ରକଳ୍ପ ରିପୋର୍ଟ ପ୍ରସ୍ତୁତ କରାଯାଇଛି ।

ଢେଙ୍କାନାଳ ସହରର ଐତିହାସିକ ପୋଖରୀ ଓ ମନ୍ଦିର

ଶିବମନ୍ଦିର ନିକଟ ଜଳ ଭଣ୍ଡାର ପ୍ରକୃତି ନିର୍ମାଣ ପାଇଁ ୧ ଏକର ପାଇଁ ୨୦ଲକ୍ଷ ଟଙ୍କା ବ୍ୟୟ ହେବ । ଏହି ଯୋଜନା ସହରର ଚେହେରା ବଦଳାଇ ଦେବ ବୋଲି ଆଶା କରାଯାଉଛି ।

ବିଭିନ୍ନ ୱାର୍ଡରେ ପାନୀୟ ଜଳ ଯୋଗାଣ ବ୍ୟବସ୍ଥା ଉନ୍ନତ କରାଯିବ । ରାସ୍ତା ଆଲୋକ ବ୍ୟବସ୍ଥା ମଧ୍ୟ କରାଯିବ ।

ନିକଟରେ ଅନୁଷ୍ଠିତ ପୁରପାଳିକା ବୈଠକରେ ଏହି ପ୍ରସ୍ତାବ ଗୃହୀତ ହୋଇଥିଲା ।

ପୂର୍ତ୍ତ ବିଭାଗ ତରଫରୁ କାମ ଆରମ୍ଭ ପାଇଁ ପ୍ରସ୍ତୁତି ଚାଲିଛି । ଟେଣ୍ଡର ପ୍ରକ୍ରିୟା ମଧ୍ୟ ଆରମ୍ଭ ହୋଇଛି ।

ଆଗାମୀ ଦୁଇ ବର୍ଷ ଭିତରେ ସମସ୍ତ କାମ ଶେଷ ହେବ ବୋଲି ଅଧିକାରୀ ମାନେ କହିଛନ୍ତି ।

ସହରବାସୀ ଏହି ଯୋଜନାକୁ ସ୍ୱାଗତ କରିଛନ୍ତି । ଦୀର୍ଘ ଦିନ ଧରି ଏହି ଦାବି ଉଠାଯାଉଥିଲା ।

ଉଦ୍ଭିଦ ବିଜ୍ଞାନ ବିଭାଗର ବାର୍ଷିକ ଉତ୍ସବ
ଉତ୍ସବରେ ଯୋଗ ଦେଇଥିବା ଅତିଥି ଓ ଛାତ୍ରଛାତ୍ରୀ

ଆନନ୍ଦପୁର, ୧୧ମା(ନି.ପ୍ର.) : ସ୍ଥାନୀୟ ମହାବିଦ୍ୟାଳୟର ଉଦ୍ଭିଦ ବିଜ୍ଞାନ ବିଭାଗର ବାର୍ଷିକ ଉତ୍ସବ ଅନୁଷ୍ଠିତ ହୋଇଯାଇଛି ।

ଏଥିରେ ମୁଖ୍ୟ ଅତିଥି ଭାବରେ ଡ. ନିରଞ୍ଜନ ଦାସ ଯୋଗ ଦେଇଥିଲେ । ସେ କହିଥିଲେ ଯେ ଉଦ୍ଭିଦ ବିଜ୍ଞାନ ଅଧ୍ୟୟନ ବର୍ତ୍ତମାନ ସମୟରେ ଅତ୍ୟନ୍ତ ଗୁରୁତ୍ୱପୂର୍ଣ୍ଣ ।

ପରିବେଶ ସୁରକ୍ଷା ଓ ଜୈବ ବିବିଧତା ରକ୍ଷା ପାଇଁ ଛାତ୍ରଛାତ୍ରୀ ମାନେ ଆଗେଇ ଆସିବାକୁ ସେ ଆହ୍ୱାନ ଦେଇଥିଲେ ।

ବିଭାଗୀୟ ମୁଖ୍ୟ ସ୍ୱାଗତ ଭାଷଣ ଦେଇଥିଲେ । ଛାତ୍ରଛାତ୍ରୀ ମାନେ ସାଂସ୍କୃତିକ କାର୍ଯ୍ୟକ୍ରମ ପରିବେଷଣ କରିଥିଲେ ।

ଶେଷରେ ଧନ୍ୟବାଦ ଅର୍ପଣ କରାଯାଇଥିଲା ।
